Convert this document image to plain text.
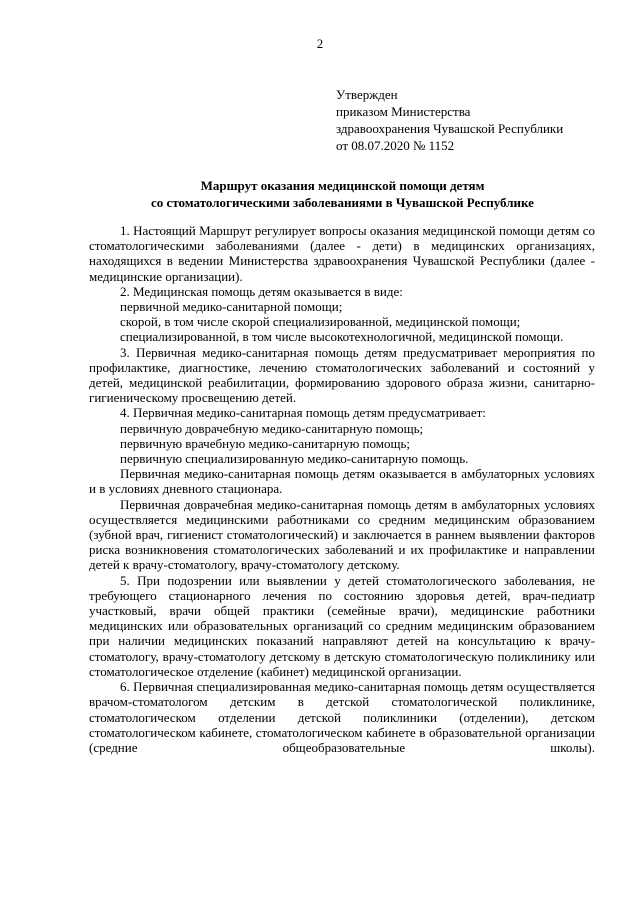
2
Утвержден
приказом Министерства
здравоохранения Чувашской Республики
от 08.07.2020 № 1152
Маршрут оказания медицинской помощи детям
со стоматологическими заболеваниями в Чувашской Республике

1. Настоящий Маршрут регулирует вопросы оказания медицинской помощи детям со стоматологическими заболеваниями (далее - дети) в медицинских организациях, находящихся в ведении Министерства здравоохранения Чувашской Республики (далее - медицинские организации).

2. Медицинская помощь детям оказывается в виде:

первичной медико-санитарной помощи;

скорой, в том числе скорой специализированной, медицинской помощи;

специализированной, в том числе высокотехнологичной, медицинской помощи.

3. Первичная медико-санитарная помощь детям предусматривает мероприятия по профилактике, диагностике, лечению стоматологических заболеваний и состояний у детей, медицинской реабилитации, формированию здорового образа жизни, санитарно-гигиеническому просвещению детей.

4. Первичная медико-санитарная помощь детям предусматривает:

первичную доврачебную медико-санитарную помощь;

первичную врачебную медико-санитарную помощь;

первичную специализированную медико-санитарную помощь.

Первичная медико-санитарная помощь детям оказывается в амбулаторных условиях и в условиях дневного стационара.

Первичная доврачебная медико-санитарная помощь детям в амбулаторных условиях осуществляется медицинскими работниками со средним медицинским образованием (зубной врач, гигиенист стоматологический) и заключается в раннем выявлении факторов риска возникновения стоматологических заболеваний и их профилактике и направлении детей к врачу-стоматологу, врачу-стоматологу детскому.

5. При подозрении или выявлении у детей стоматологического заболевания, не требующего стационарного лечения по состоянию здоровья детей, врач-педиатр участковый, врачи общей практики (семейные врачи), медицинские работники медицинских или образовательных организаций со средним медицинским образованием при наличии медицинских показаний направляют детей на консультацию к врачу-стоматологу, врачу-стоматологу детскому в детскую стоматологическую поликлинику или стоматологическое отделение (кабинет) медицинской организации.

6. Первичная специализированная медико-санитарная помощь детям осуществляется врачом-стоматологом детским в детской стоматологической поликлинике, стоматологическом отделении детской поликлиники (отделении), детском стоматологическом кабинете, стоматологическом кабинете в образовательной организации (средние общеобразовательные школы).
